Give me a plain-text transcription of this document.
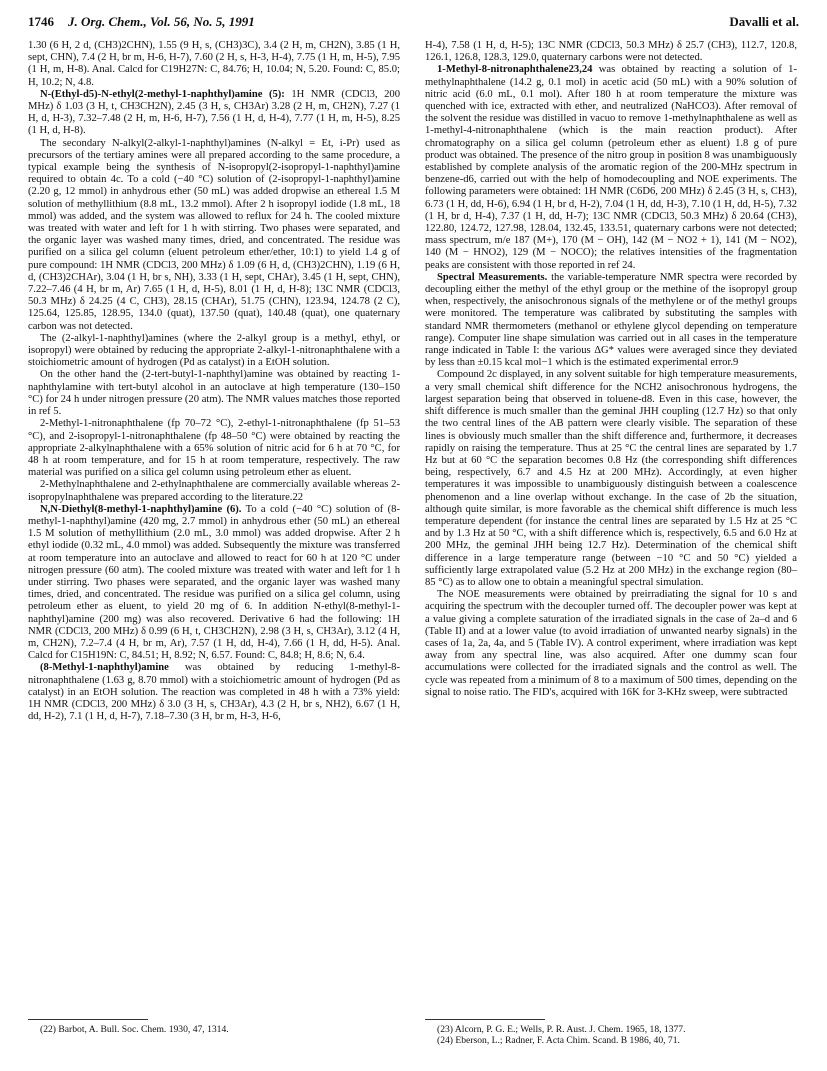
1746 J. Org. Chem., Vol. 56, No. 5, 1991	Davalli et al.

1.30 (6 H, 2 d, (CH3)2CHN), 1.55 (9 H, s, (CH3)3C), 3.4 (2 H, m, CH2N), 3.85 (1 H, sept, CHN), 7.4 (2 H, br m, H-6, H-7), 7.60 (2 H, s, H-3, H-4), 7.75 (1 H, m, H-5), 7.95 (1 H, m, H-8). Anal. Calcd for C19H27N: C, 84.76; H, 10.04; N, 5.20. Found: C, 85.0; H, 10.2; N, 4.8.

N-(Ethyl-d5)-N-ethyl(2-methyl-1-naphthyl)amine (5): 1H NMR (CDCl3, 200 MHz) δ 1.03 (3 H, t, CH3CH2N), 2.45 (3 H, s, CH3Ar) 3.28 (2 H, m, CH2N), 7.27 (1 H, d, H-3), 7.32–7.48 (2 H, m, H-6, H-7), 7.56 (1 H, d, H-4), 7.77 (1 H, m, H-5), 8.25 (1 H, d, H-8).

The secondary N-alkyl(2-alkyl-1-naphthyl)amines (N-alkyl = Et, i-Pr) used as precursors of the tertiary amines were all prepared according to the same procedure, a typical example being the synthesis of N-isopropyl(2-isopropyl-1-naphthyl)amine required to obtain 4c. To a cold (−40 °C) solution of (2-isopropyl-1-naphthyl)amine (2.20 g, 12 mmol) in anhydrous ether (50 mL) was added dropwise an ethereal 1.5 M solution of methyllithium (8.8 mL, 13.2 mmol). After 2 h isopropyl iodide (1.8 mL, 18 mmol) was added, and the system was allowed to reflux for 24 h. The cooled mixture was treated with water and left for 1 h with stirring. Two phases were separated, and the organic layer was washed many times, dried, and concentrated. The residue was purified on a silica gel column (eluent petroleum ether/ether, 10:1) to yield 1.4 g of pure compound: 1H NMR (CDCl3, 200 MHz) δ 1.09 (6 H, d, (CH3)2CHN), 1.19 (6 H, d, (CH3)2CHAr), 3.04 (1 H, br s, NH), 3.33 (1 H, sept, CHAr), 3.45 (1 H, sept, CHN), 7.22–7.46 (4 H, br m, Ar) 7.65 (1 H, d, H-5), 8.01 (1 H, d, H-8); 13C NMR (CDCl3, 50.3 MHz) δ 24.25 (4 C, CH3), 28.15 (CHAr), 51.75 (CHN), 123.94, 124.78 (2 C), 125.64, 125.85, 128.95, 134.0 (quat), 137.50 (quat), 140.48 (quat), one quaternary carbon was not detected.

The (2-alkyl-1-naphthyl)amines (where the 2-alkyl group is a methyl, ethyl, or isopropyl) were obtained by reducing the appropriate 2-alkyl-1-nitronaphthalene with a stoichiometric amount of hydrogen (Pd as catalyst) in a EtOH solution.

On the other hand the (2-tert-butyl-1-naphthyl)amine was obtained by reacting 1-naphthylamine with tert-butyl alcohol in an autoclave at high temperature (130–150 °C) for 24 h under nitrogen pressure (20 atm). The NMR values matches those reported in ref 5.

2-Methyl-1-nitronaphthalene (fp 70–72 °C), 2-ethyl-1-nitronaphthalene (fp 51–53 °C), and 2-isopropyl-1-nitronaphthalene (fp 48–50 °C) were obtained by reacting the appropriate 2-alkylnaphthalene with a 65% solution of nitric acid for 6 h at 70 °C, for 48 h at room temperature, and for 15 h at room temperature, respectively. The raw material was purified on a silica gel column using petroleum ether as eluent.

2-Methylnaphthalene and 2-ethylnaphthalene are commercially available whereas 2-isopropylnaphthalene was prepared according to the literature.22

N,N-Diethyl(8-methyl-1-naphthyl)amine (6). To a cold (−40 °C) solution of (8-methyl-1-naphthyl)amine (420 mg, 2.7 mmol) in anhydrous ether (50 mL) an ethereal 1.5 M solution of methyllithium (2.0 mL, 3.0 mmol) was added dropwise. After 2 h ethyl iodide (0.32 mL, 4.0 mmol) was added. Subsequently the mixture was transferred at room temperature into an autoclave and allowed to react for 60 h at 120 °C under nitrogen pressure (60 atm). The cooled mixture was treated with water and left for 1 h under stirring. Two phases were separated, and the organic layer was washed many times, dried, and concentrated. The residue was purified on a silica gel column, using petroleum ether as eluent, to yield 20 mg of 6. In addition N-ethyl(8-methyl-1-naphthyl)amine (200 mg) was also recovered. Derivative 6 had the following: 1H NMR (CDCl3, 200 MHz) δ 0.99 (6 H, t, CH3CH2N), 2.98 (3 H, s, CH3Ar), 3.12 (4 H, m, CH2N), 7.2–7.4 (4 H, br m, Ar), 7.57 (1 H, dd, H-4), 7.66 (1 H, dd, H-5). Anal. Calcd for C15H19N: C, 84.51; H, 8.92; N, 6.57. Found: C, 84.8; H, 8.6; N, 6.4.

(8-Methyl-1-naphthyl)amine was obtained by reducing 1-methyl-8-nitronaphthalene (1.63 g, 8.70 mmol) with a stoichiometric amount of hydrogen (Pd as catalyst) in an EtOH solution. The reaction was completed in 48 h with a 73% yield: 1H NMR (CDCl3, 200 MHz) δ 3.0 (3 H, s, CH3Ar), 4.3 (2 H, br s, NH2), 6.67 (1 H, dd, H-2), 7.1 (1 H, d, H-7), 7.18–7.30 (3 H, br m, H-3, H-6,

H-4), 7.58 (1 H, d, H-5); 13C NMR (CDCl3, 50.3 MHz) δ 25.7 (CH3), 112.7, 120.8, 126.1, 126.8, 128.3, 129.0, quaternary carbons were not detected.

1-Methyl-8-nitronaphthalene23,24 was obtained by reacting a solution of 1-methylnaphthalene (14.2 g, 0.1 mol) in acetic acid (50 mL) with a 90% solution of nitric acid (6.0 mL, 0.1 mol). After 180 h at room temperature the mixture was quenched with ice, extracted with ether, and neutralized (NaHCO3). After removal of the solvent the residue was distilled in vacuo to remove 1-methylnaphthalene as well as 1-methyl-4-nitronaphthalene (which is the main reaction product). After chromatography on a silica gel column (petroleum ether as eluent) 1.8 g of pure product was obtained. The presence of the nitro group in position 8 was unambiguously established by complete analysis of the aromatic region of the 200-MHz spectrum in benzene-d6, carried out with the help of homodecoupling and NOE experiments. The following parameters were obtained: 1H NMR (C6D6, 200 MHz) δ 2.45 (3 H, s, CH3), 6.73 (1 H, dd, H-6), 6.94 (1 H, br d, H-2), 7.04 (1 H, dd, H-3), 7.10 (1 H, dd, H-5), 7.32 (1 H, br d, H-4), 7.37 (1 H, dd, H-7); 13C NMR (CDCl3, 50.3 MHz) δ 20.64 (CH3), 122.80, 124.72, 127.98, 128.04, 132.45, 133.51, quaternary carbons were not detected; mass spectrum, m/e 187 (M+), 170 (M − OH), 142 (M − NO2 + 1), 141 (M − NO2), 140 (M − HNO2), 129 (M − NOCO); the relatives intensities of the fragmentation peaks are consistent with those reported in ref 24.

Spectral Measurements. the variable-temperature NMR spectra were recorded by decoupling either the methyl of the ethyl group or the methine of the isopropyl group when, respectively, the anisochronous signals of the methylene or of the methyl groups were monitored. The temperature was calibrated by substituting the samples with standard NMR thermometers (methanol or ethylene glycol depending on temperature range). Computer line shape simulation was carried out in all cases in the temperature range indicated in Table I: the various ΔG* values were averaged since they deviated by less than ±0.15 kcal mol−1 which is the estimated experimental error.9

Compound 2c displayed, in any solvent suitable for high temperature measurements, a very small chemical shift difference for the NCH2 anisochronous hydrogens, the largest separation being that observed in toluene-d8. Even in this case, however, the shift difference is much smaller than the geminal JHH coupling (12.7 Hz) so that only the two central lines of the AB pattern were clearly visible. The separation of these lines is obviously much smaller than the shift difference and, furthermore, it decreases rapidly on raising the temperature. Thus at 25 °C the central lines are separated by 1.7 Hz but at 60 °C the separation becomes 0.8 Hz (the corresponding shift differences being, respectively, 6.7 and 4.5 Hz at 200 MHz). Accordingly, at even higher temperatures it was impossible to unambiguously distinguish between a coalescence phenomenon and a line overlap without exchange. In the case of 2b the situation, although quite similar, is more favorable as the chemical shift difference is much less temperature dependent (for instance the central lines are separated by 1.5 Hz at 25 °C and by 1.3 Hz at 50 °C, with a shift difference which is, respectively, 6.5 and 6.0 Hz at 200 MHz, the geminal JHH being 12.7 Hz). Determination of the chemical shift difference in a large temperature range (between −10 °C and 50 °C) yielded a sufficiently large extrapolated value (5.2 Hz at 200 MHz) in the exchange region (80–85 °C) as to allow one to obtain a meaningful spectral simulation.

The NOE measurements were obtained by preirradiating the signal for 10 s and acquiring the spectrum with the decoupler turned off. The decoupler power was kept at a value giving a complete saturation of the irradiated signals in the case of 2a–d and 6 (Table II) and at a lower value (to avoid irradiation of unwanted nearby signals) in the cases of 1a, 2a, 4a, and 5 (Table IV). A control experiment, where irradiation was kept away from any spectral line, was also acquired. After one dummy scan four accumulations were collected for the irradiated signals and the control as well. The cycle was repeated from a minimum of 8 to a maximum of 500 times, depending on the signal to noise ratio. The FID's, acquired with 16K for 3-KHz sweep, were subtracted

(22) Barbot, A. Bull. Soc. Chem. 1930, 47, 1314.	(23) Alcorn, P. G. E.; Wells, P. R. Aust. J. Chem. 1965, 18, 1377.
(24) Eberson, L.; Radner, F. Acta Chim. Scand. B 1986, 40, 71.
